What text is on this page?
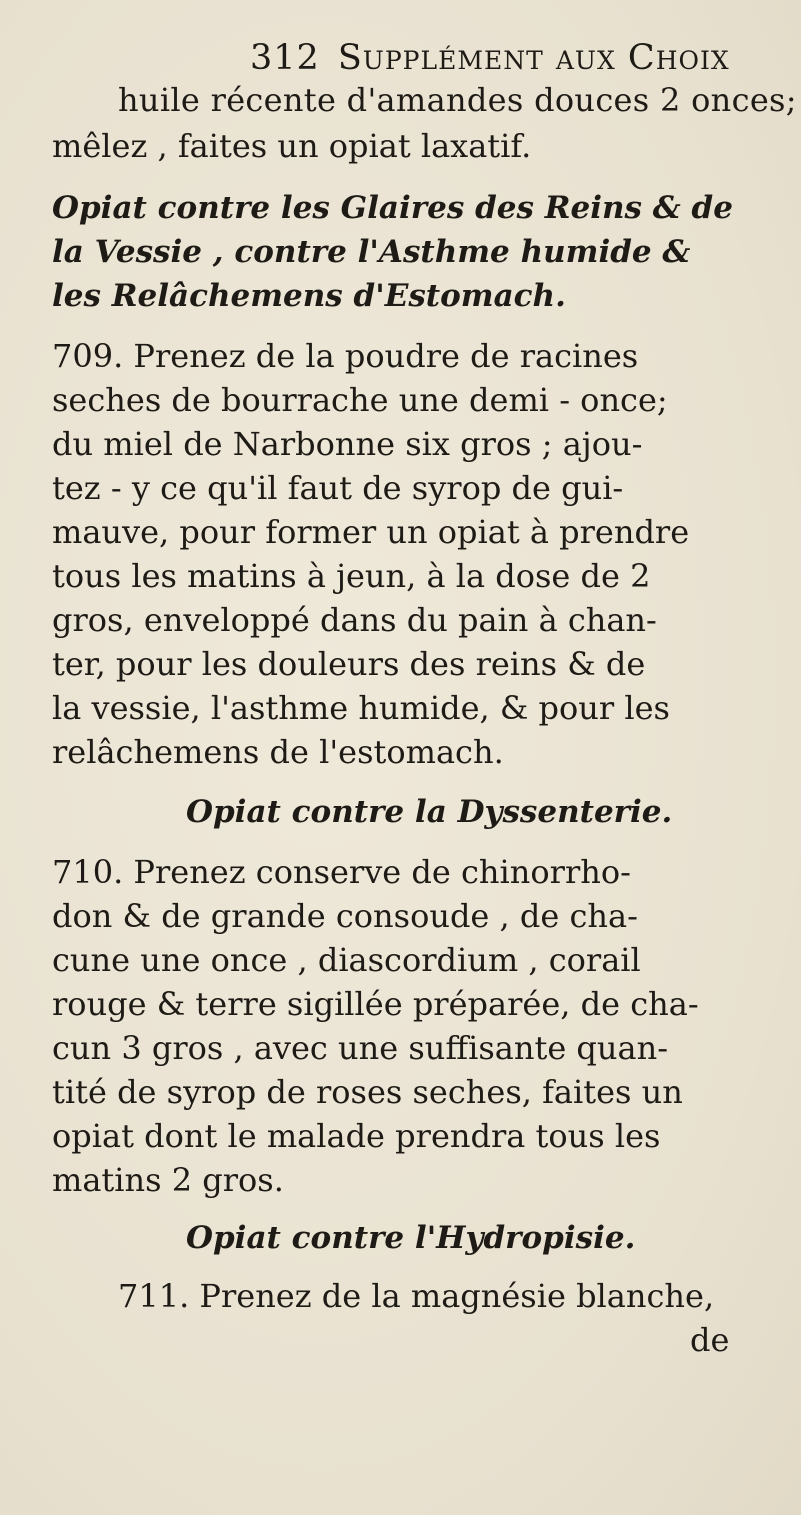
312 Supplément aux Choix
huile récente d'amandes douces 2 onces;
mêlez , faites un opiat laxatif.
Opiat contre les Glaires des Reins & de
la Vessie , contre l'Asthme humide &
les Relâchemens d'Estomach.
709. Prenez de la poudre de racines
seches de bourrache une demi - once;
du miel de Narbonne six gros ; ajou-
tez - y ce qu'il faut de syrop de gui-
mauve, pour former un opiat à prendre
tous les matins à jeun, à la dose de 2
gros, enveloppé dans du pain à chan-
ter, pour les douleurs des reins & de
la vessie, l'asthme humide, & pour les
relâchemens de l'estomach.
Opiat contre la Dyssenterie.
710. Prenez conserve de chinorrho-
don & de grande consoude , de cha-
cune une once , diascordium , corail
rouge & terre sigillée préparée, de cha-
cun 3 gros , avec une suffisante quan-
tité de syrop de roses seches, faites un
opiat dont le malade prendra tous les
matins 2 gros.
Opiat contre l'Hydropisie.
711. Prenez de la magnésie blanche,
de
